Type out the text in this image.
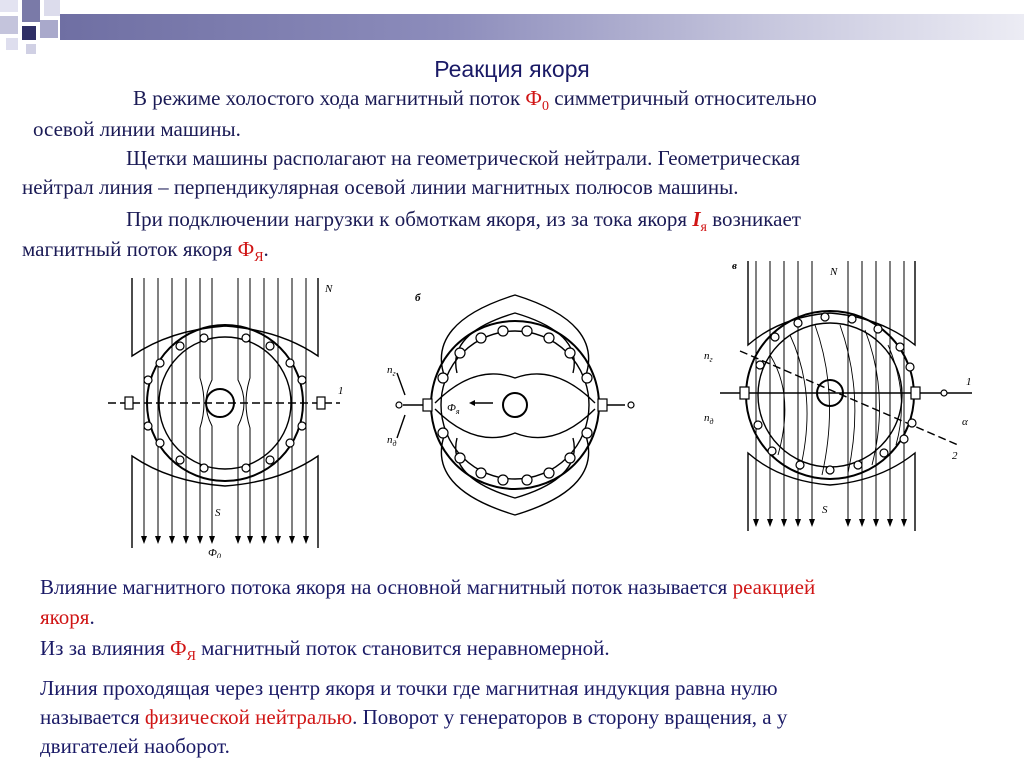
Реакция якоря
В режиме холостого хода магнитный поток $Ф_0$ симметричный относительно
осевой линии машины.
Щетки машины располагают на геометрической нейтрали. Геометрическая
нейтрал линия – перпендикулярная осевой линии магнитных полюсов машины.
При подключении нагрузки к обмоткам якоря, из за тока якоря $I_я$ возникает
магнитный поток якоря $Ф_Я$.
N
S
1
$Ф_0$
б
$n_г$
$n_д$
$Ф_я$
в	N
S
$n_г$
$n_д$
1
2
α
Влияние магнитного потока якоря на основной магнитный поток называется реакцией
якоря.
Из за влияния $Ф_Я$ магнитный поток становится неравномерной.
Линия проходящая через центр якоря и точки где магнитная индукция равна нулю
называется физической нейтралью. Поворот у генераторов в сторону вращения, а у
двигателей наоборот.
